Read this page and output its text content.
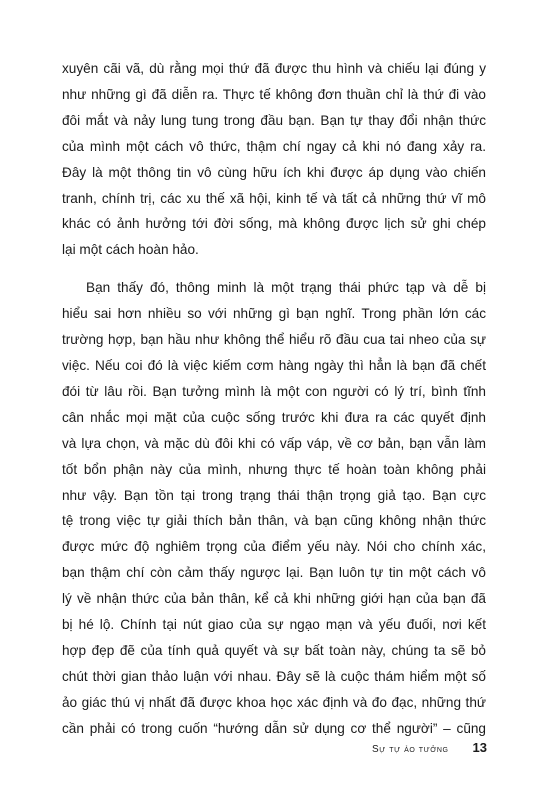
xuyên cãi vã, dù rằng mọi thứ đã được thu hình và chiếu lại đúng y
như những gì đã diễn ra. Thực tế không đơn thuần chỉ là thứ đi vào
đôi mắt và nảy lung tung trong đầu bạn. Bạn tự thay đổi nhận thức
của mình một cách vô thức, thậm chí ngay cả khi nó đang xảy ra.
Đây là một thông tin vô cùng hữu ích khi được áp dụng vào chiến
tranh, chính trị, các xu thế xã hội, kinh tế và tất cả những thứ vĩ mô
khác có ảnh hưởng tới đời sống, mà không được lịch sử ghi chép
lại một cách hoàn hảo.

Bạn thấy đó, thông minh là một trạng thái phức tạp và dễ bị
hiểu sai hơn nhiều so với những gì bạn nghĩ. Trong phần lớn các
trường hợp, bạn hầu như không thể hiểu rõ đầu cua tai nheo của sự
việc. Nếu coi đó là việc kiếm cơm hàng ngày thì hẳn là bạn đã chết
đói từ lâu rồi. Bạn tưởng mình là một con người có lý trí, bình tĩnh
cân nhắc mọi mặt của cuộc sống trước khi đưa ra các quyết định
và lựa chọn, và mặc dù đôi khi có vấp váp, về cơ bản, bạn vẫn làm
tốt bổn phận này của mình, nhưng thực tế hoàn toàn không phải
như vậy. Bạn tồn tại trong trạng thái thận trọng giả tạo. Bạn cực
tệ trong việc tự giải thích bản thân, và bạn cũng không nhận thức
được mức độ nghiêm trọng của điểm yếu này. Nói cho chính xác,
bạn thậm chí còn cảm thấy ngược lại. Bạn luôn tự tin một cách vô
lý về nhận thức của bản thân, kể cả khi những giới hạn của bạn đã
bị hé lộ. Chính tại nút giao của sự ngạo mạn và yếu đuối, nơi kết
hợp đẹp đẽ của tính quả quyết và sự bất toàn này, chúng ta sẽ bỏ
chút thời gian thảo luận với nhau. Đây sẽ là cuộc thám hiểm một số
ảo giác thú vị nhất đã được khoa học xác định và đo đạc, những thứ
cần phải có trong cuốn “hướng dẫn sử dụng cơ thể người” – cũng

Sự tự ảo tưởng 13
